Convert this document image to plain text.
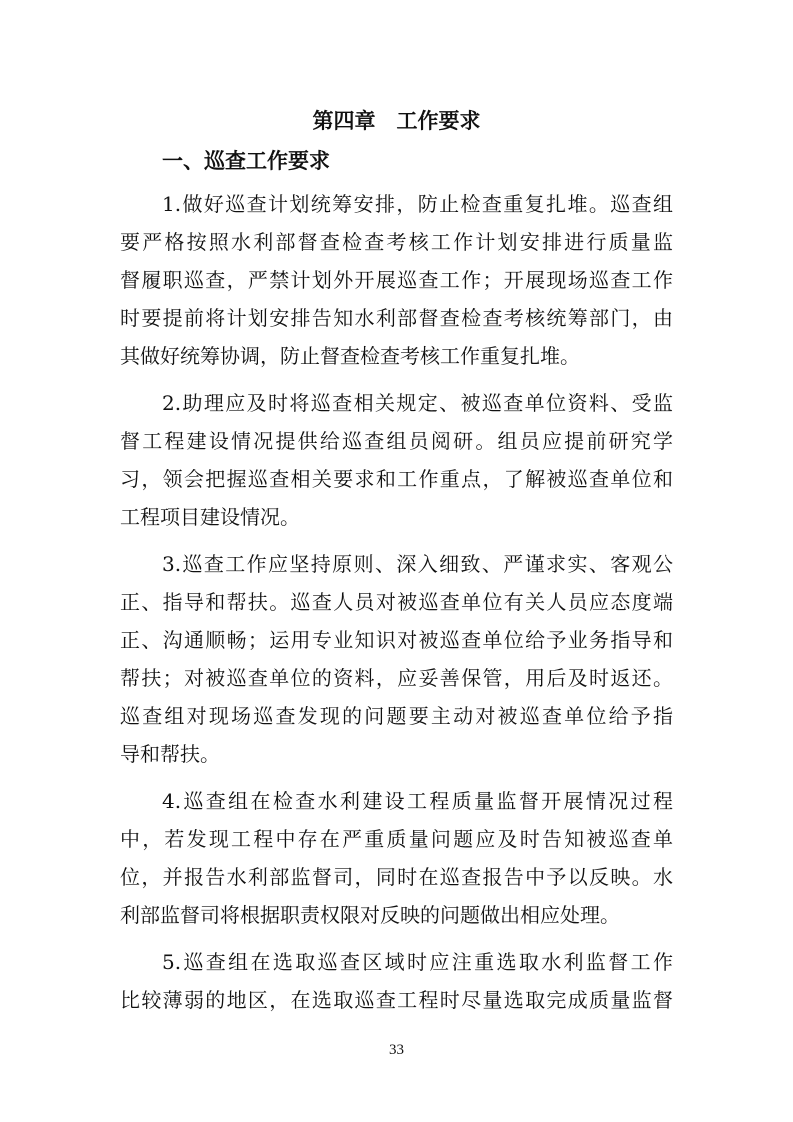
第四章　工作要求
一、巡查工作要求
1.做好巡查计划统筹安排，防止检查重复扎堆。巡查组
要严格按照水利部督查检查考核工作计划安排进行质量监
督履职巡查，严禁计划外开展巡查工作；开展现场巡查工作
时要提前将计划安排告知水利部督查检查考核统筹部门，由
其做好统筹协调，防止督查检查考核工作重复扎堆。
2.助理应及时将巡查相关规定、被巡查单位资料、受监
督工程建设情况提供给巡查组员阅研。组员应提前研究学
习，领会把握巡查相关要求和工作重点，了解被巡查单位和
工程项目建设情况。
3.巡查工作应坚持原则、深入细致、严谨求实、客观公
正、指导和帮扶。巡查人员对被巡查单位有关人员应态度端
正、沟通顺畅；运用专业知识对被巡查单位给予业务指导和
帮扶；对被巡查单位的资料，应妥善保管，用后及时返还。
巡查组对现场巡查发现的问题要主动对被巡查单位给予指
导和帮扶。
4.巡查组在检查水利建设工程质量监督开展情况过程
中，若发现工程中存在严重质量问题应及时告知被巡查单
位，并报告水利部监督司，同时在巡查报告中予以反映。水
利部监督司将根据职责权限对反映的问题做出相应处理。
5.巡查组在选取巡查区域时应注重选取水利监督工作
比较薄弱的地区，在选取巡查工程时尽量选取完成质量监督
33
